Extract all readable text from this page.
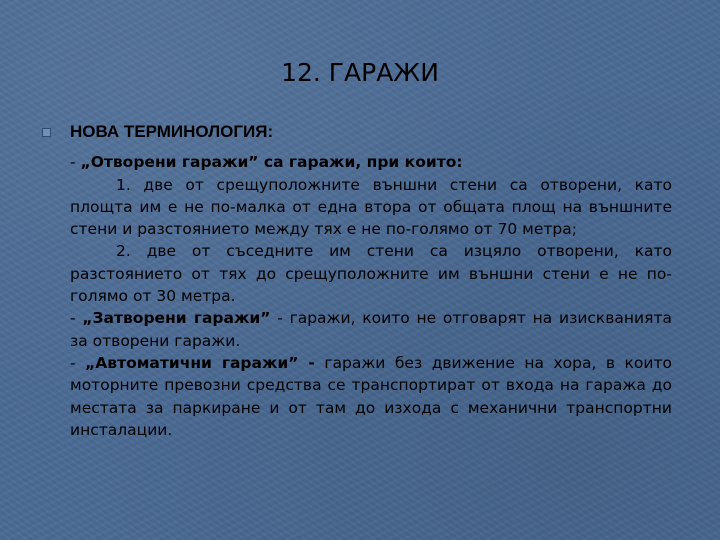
12. ГАРАЖИ
НОВА ТЕРМИНОЛОГИЯ:

- „Отворени гаражи” са гаражи, при които:

1. две от срещуположните външни стени са отворени, като площта им е не по-малка от една втора от общата площ на външните стени и разстоянието между тях е не по-голямо от 70 метра;

2. две от съседните им стени са изцяло отворени, като разстоянието от тях до срещуположните им външни стени е не по-голямо от 30 метра.

- „Затворени гаражи” - гаражи, които не отговарят на изискванията за отворени гаражи.

- „Автоматични гаражи” - гаражи без движение на хора, в които моторните превозни средства се транспортират от входа на гаража до местата за паркиране и от там до изхода с механични транспортни инсталации.
